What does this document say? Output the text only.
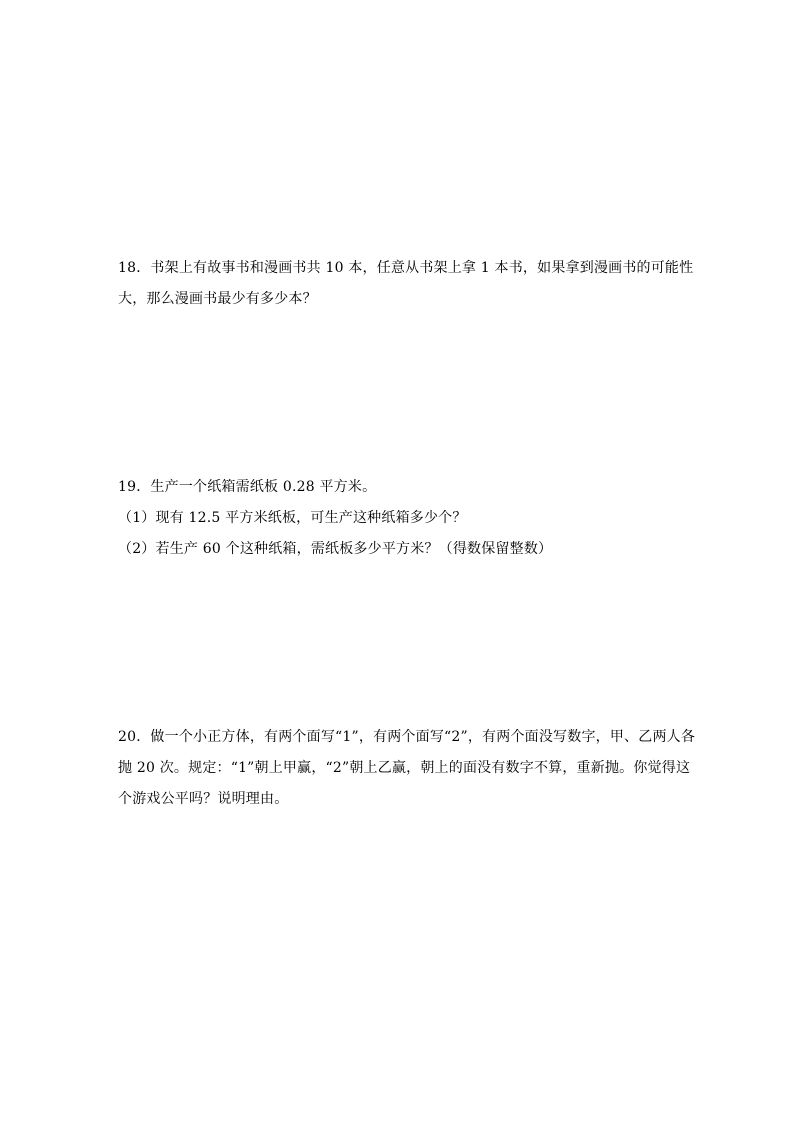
18．书架上有故事书和漫画书共 10 本，任意从书架上拿 1 本书，如果拿到漫画书的可能性

大，那么漫画书最少有多少本？

19．生产一个纸箱需纸板 0.28 平方米。

（1）现有 12.5 平方米纸板，可生产这种纸箱多少个？

（2）若生产 60 个这种纸箱，需纸板多少平方米？（得数保留整数）

20．做一个小正方体，有两个面写“1”，有两个面写“2”，有两个面没写数字，甲、乙两人各

抛 20 次。规定：“1”朝上甲赢，“2”朝上乙赢，朝上的面没有数字不算，重新抛。你觉得这

个游戏公平吗？说明理由。
